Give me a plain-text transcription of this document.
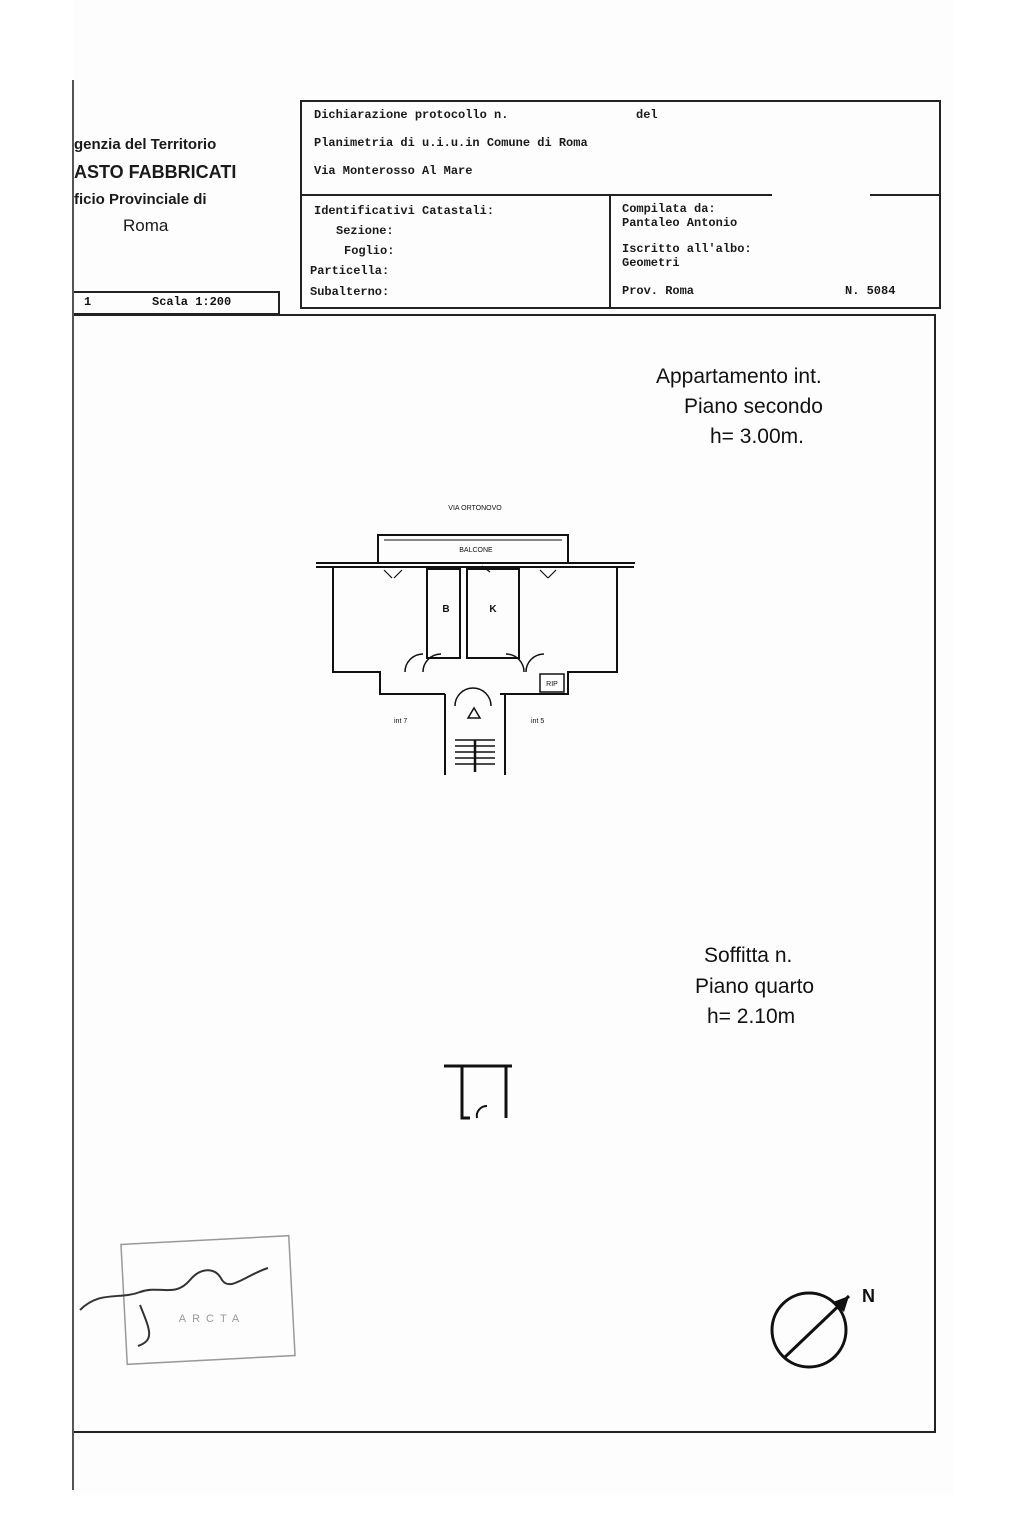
genzia del Territorio
ASTO FABBRICATI
ficio Provinciale di
Roma
1	Scala 1:200
Dichiarazione protocollo n.	del
Planimetria di u.i.u.in Comune di Roma
Via Monterosso Al Mare
Identificativi Catastali:
Sezione:
Foglio:
Particella:
Subalterno:
Compilata da:
Pantaleo Antonio
Iscritto all'albo:
Geometri
Prov. Roma	N. 5084
Appartamento int.
Piano secondo
h= 3.00m.
Soffitta n.
Piano quarto
h= 2.10m
VIA ORTONOVO
BALCONE
B	K
RIP
int 7	int 5
ARCTA
N
